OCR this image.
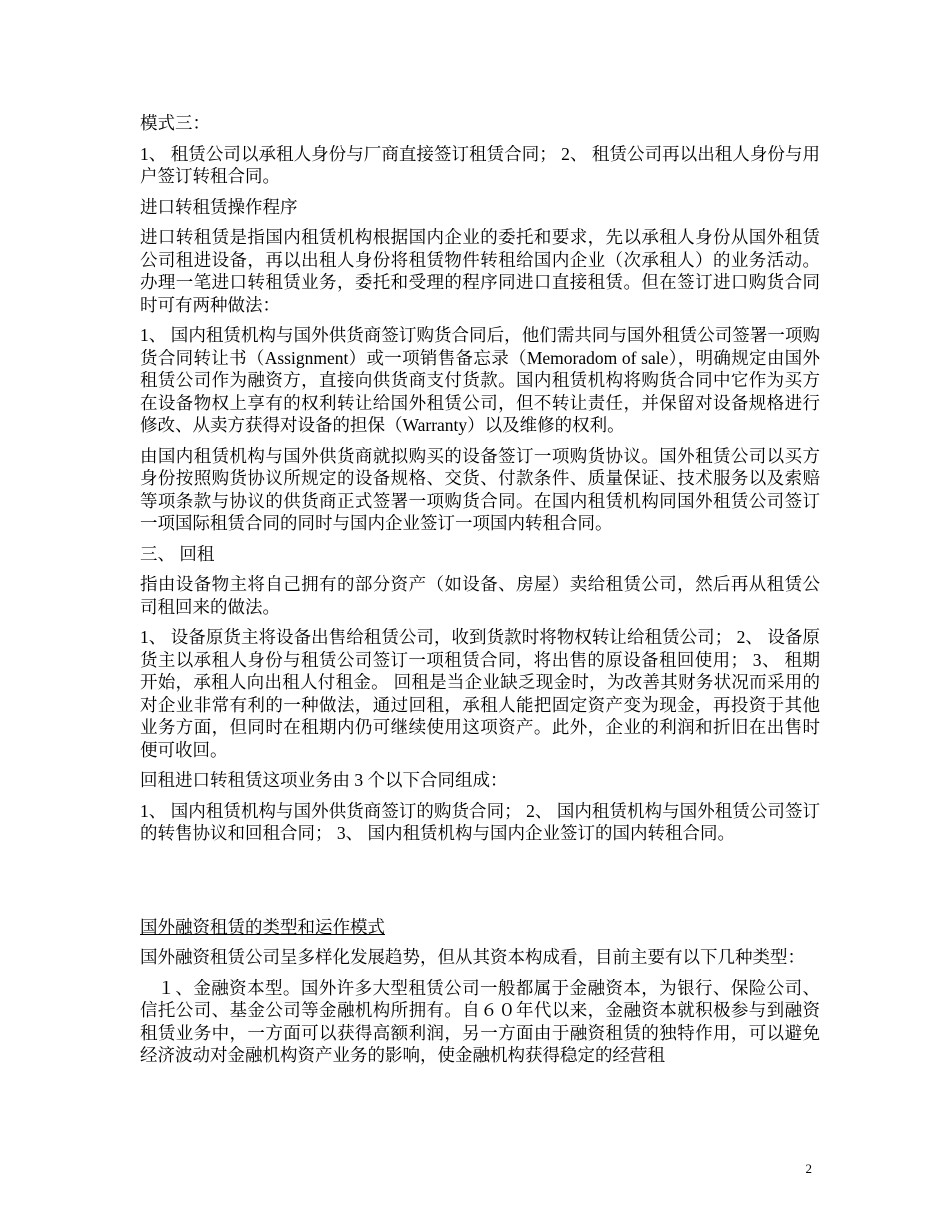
模式三：

1、 租赁公司以承租人身份与厂商直接签订租赁合同； 2、 租赁公司再以出租人身份与用户签订转租合同。

进口转租赁操作程序

进口转租赁是指国内租赁机构根据国内企业的委托和要求，先以承租人身份从国外租赁公司租进设备，再以出租人身份将租赁物件转租给国内企业（次承租人）的业务活动。 办理一笔进口转租赁业务，委托和受理的程序同进口直接租赁。但在签订进口购货合同时可有两种做法：

1、 国内租赁机构与国外供货商签订购货合同后，他们需共同与国外租赁公司签署一项购货合同转让书（Assignment）或一项销售备忘录（Memoradom of sale），明确规定由国外租赁公司作为融资方，直接向供货商支付货款。国内租赁机构将购货合同中它作为买方在设备物权上享有的权利转让给国外租赁公司，但不转让责任，并保留对设备规格进行修改、从卖方获得对设备的担保（Warranty）以及维修的权利。

由国内租赁机构与国外供货商就拟购买的设备签订一项购货协议。国外租赁公司以买方身份按照购货协议所规定的设备规格、交货、付款条件、质量保证、技术服务以及索赔等项条款与协议的供货商正式签署一项购货合同。在国内租赁机构同国外租赁公司签订一项国际租赁合同的同时与国内企业签订一项国内转租合同。

三、 回租

指由设备物主将自己拥有的部分资产（如设备、房屋）卖给租赁公司，然后再从租赁公司租回来的做法。

1、 设备原货主将设备出售给租赁公司，收到货款时将物权转让给租赁公司； 2、 设备原货主以承租人身份与租赁公司签订一项租赁合同，将出售的原设备租回使用； 3、 租期开始，承租人向出租人付租金。 回租是当企业缺乏现金时，为改善其财务状况而采用的对企业非常有利的一种做法，通过回租，承租人能把固定资产变为现金，再投资于其他业务方面，但同时在租期内仍可继续使用这项资产。此外，企业的利润和折旧在出售时便可收回。

回租进口转租赁这项业务由 3 个以下合同组成：

1、 国内租赁机构与国外供货商签订的购货合同； 2、 国内租赁机构与国外租赁公司签订的转售协议和回租合同； 3、 国内租赁机构与国内企业签订的国内转租合同。

国外融资租赁的类型和运作模式

国外融资租赁公司呈多样化发展趋势，但从其资本构成看，目前主要有以下几种类型：

１、金融资本型。国外许多大型租赁公司一般都属于金融资本，为银行、保险公司、信托公司、基金公司等金融机构所拥有。自６０年代以来，金融资本就积极参与到融资租赁业务中，一方面可以获得高额利润，另一方面由于融资租赁的独特作用，可以避免经济波动对金融机构资产业务的影响，使金融机构获得稳定的经营租

2
